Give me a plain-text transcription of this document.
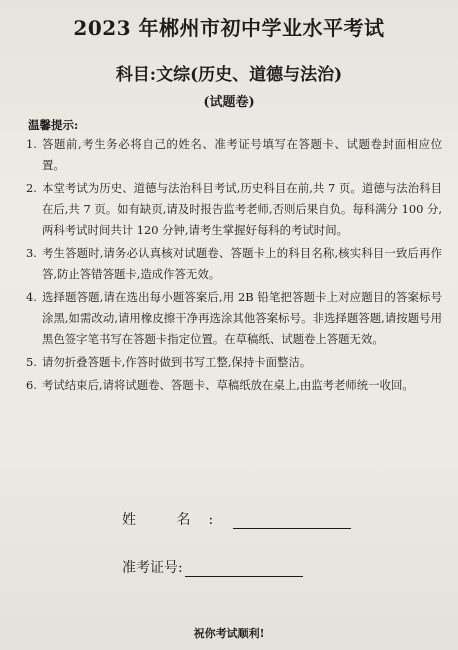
2023 年郴州市初中学业水平考试
科目:文综(历史、道德与法治)
(试题卷)
温馨提示:
1. 答题前,考生务必将自己的姓名、准考证号填写在答题卡、试题卷封面相应位置。
2. 本堂考试为历史、道德与法治科目考试,历史科目在前,共 7 页。道德与法治科目在后,共 7 页。如有缺页,请及时报告监考老师,否则后果自负。每科满分 100 分,两科考试时间共计 120 分钟,请考生掌握好每科的考试时间。
3. 考生答题时,请务必认真核对试题卷、答题卡上的科目名称,核实科目一致后再作答,防止答错答题卡,造成作答无效。
4. 选择题答题,请在选出每小题答案后,用 2B 铅笔把答题卡上对应题目的答案标号涂黑,如需改动,请用橡皮擦干净再选涂其他答案标号。非选择题答题,请按题号用黑色签字笔书写在答题卡指定位置。在草稿纸、试题卷上答题无效。
5. 请勿折叠答题卡,作答时做到书写工整,保持卡面整洁。
6. 考试结束后,请将试题卷、答题卡、草稿纸放在桌上,由监考老师统一收回。
姓 名:
准考证号:
祝你考试顺利!
